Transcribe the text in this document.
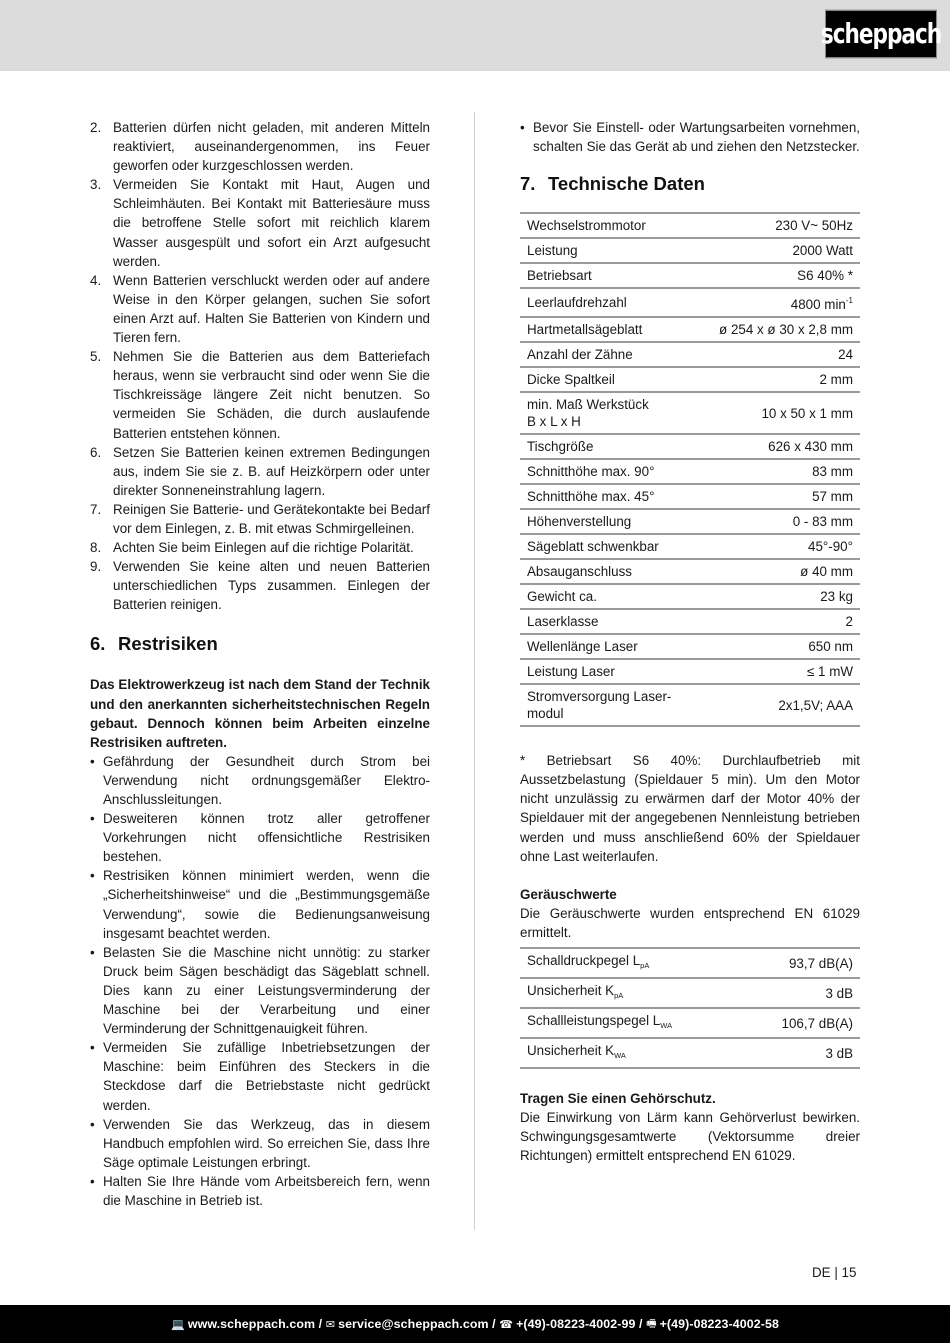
scheppach
2. Batterien dürfen nicht geladen, mit anderen Mitteln reaktiviert, auseinandergenommen, ins Feuer geworfen oder kurzgeschlossen werden.
3. Vermeiden Sie Kontakt mit Haut, Augen und Schleimhäuten. Bei Kontakt mit Batteriesäure muss die betroffene Stelle sofort mit reichlich klarem Wasser ausgespült und sofort ein Arzt aufgesucht werden.
4. Wenn Batterien verschluckt werden oder auf andere Weise in den Körper gelangen, suchen Sie sofort einen Arzt auf. Halten Sie Batterien von Kindern und Tieren fern.
5. Nehmen Sie die Batterien aus dem Batteriefach heraus, wenn sie verbraucht sind oder wenn Sie die Tischkreissäge längere Zeit nicht benutzen. So vermeiden Sie Schäden, die durch auslaufende Batterien entstehen können.
6. Setzen Sie Batterien keinen extremen Bedingungen aus, indem Sie sie z. B. auf Heizkörpern oder unter direkter Sonneneinstrahlung lagern.
7. Reinigen Sie Batterie- und Gerätekontakte bei Bedarf vor dem Einlegen, z. B. mit etwas Schmirgelleinen.
8. Achten Sie beim Einlegen auf die richtige Polarität.
9. Verwenden Sie keine alten und neuen Batterien unterschiedlichen Typs zusammen. Einlegen der Batterien reinigen.
6. Restrisiken

Das Elektrowerkzeug ist nach dem Stand der Technik und den anerkannten sicherheitstechnischen Regeln gebaut. Dennoch können beim Arbeiten einzelne Restrisiken auftreten.

• Gefährdung der Gesundheit durch Strom bei Verwendung nicht ordnungsgemäßer Elektro-Anschlussleitungen.
• Desweiteren können trotz aller getroffener Vorkehrungen nicht offensichtliche Restrisiken bestehen.
• Restrisiken können minimiert werden, wenn die „Sicherheitshinweise“ und die „Bestimmungsgemäße Verwendung“, sowie die Bedienungsanweisung insgesamt beachtet werden.
• Belasten Sie die Maschine nicht unnötig: zu starker Druck beim Sägen beschädigt das Sägeblatt schnell. Dies kann zu einer Leistungsverminderung der Maschine bei der Verarbeitung und einer Verminderung der Schnittgenauigkeit führen.
• Vermeiden Sie zufällige Inbetriebsetzungen der Maschine: beim Einführen des Steckers in die Steckdose darf die Betriebstaste nicht gedrückt werden.
• Verwenden Sie das Werkzeug, das in diesem Handbuch empfohlen wird. So erreichen Sie, dass Ihre Säge optimale Leistungen erbringt.
• Halten Sie Ihre Hände vom Arbeitsbereich fern, wenn die Maschine in Betrieb ist.
• Bevor Sie Einstell- oder Wartungsarbeiten vornehmen, schalten Sie das Gerät ab und ziehen den Netzstecker.
7. Technische Daten
Wechselstrommotor	230 V~ 50Hz
Leistung	2000 Watt
Betriebsart	S6 40% *
Leerlaufdrehzahl	4800 $\min^{-1}$
Hartmetallsägeblatt	ø 254 x ø 30 x 2,8 mm
Anzahl der Zähne	24
Dicke Spaltkeil	2 mm
min. Maß Werkstück
B x L x H	10 x 50 x 1 mm
Tischgröße	626 x 430 mm
Schnitthöhe max. 90°	83 mm
Schnitthöhe max. 45°	57 mm
Höhenverstellung	0 - 83 mm
Sägeblatt schwenkbar	45°-90°
Absauganschluss	ø 40 mm
Gewicht ca.	23 kg
Laserklasse	2
Wellenlänge Laser	650 nm
Leistung Laser	≤ 1 mW
Stromversorgung Laser-
modul	2x1,5V; AAA

* Betriebsart S6 40%: Durchlaufbetrieb mit Aussetzbelastung (Spieldauer 5 min). Um den Motor nicht unzulässig zu erwärmen darf der Motor 40% der Spieldauer mit der angegebenen Nennleistung betrieben werden und muss anschließend 60% der Spieldauer ohne Last weiterlaufen.

Geräuschwerte

Die Geräuschwerte wurden entsprechend EN 61029 ermittelt.

Schalldruckpegel $L_{pA}$	93,7 dB(A)
Unsicherheit $K_{pA}$	3 dB
Schallleistungspegel $L_{WA}$	106,7 dB(A)
Unsicherheit $K_{WA}$	3 dB

Tragen Sie einen Gehörschutz.

Die Einwirkung von Lärm kann Gehörverlust bewirken. Schwingungsgesamtwerte (Vektorsumme dreier Richtungen) ermittelt entsprechend EN 61029.

DE | 15
💻 www.scheppach.com / ✉ service@scheppach.com / ☎ +(49)-08223-4002-99 / 🖷 +(49)-08223-4002-58
